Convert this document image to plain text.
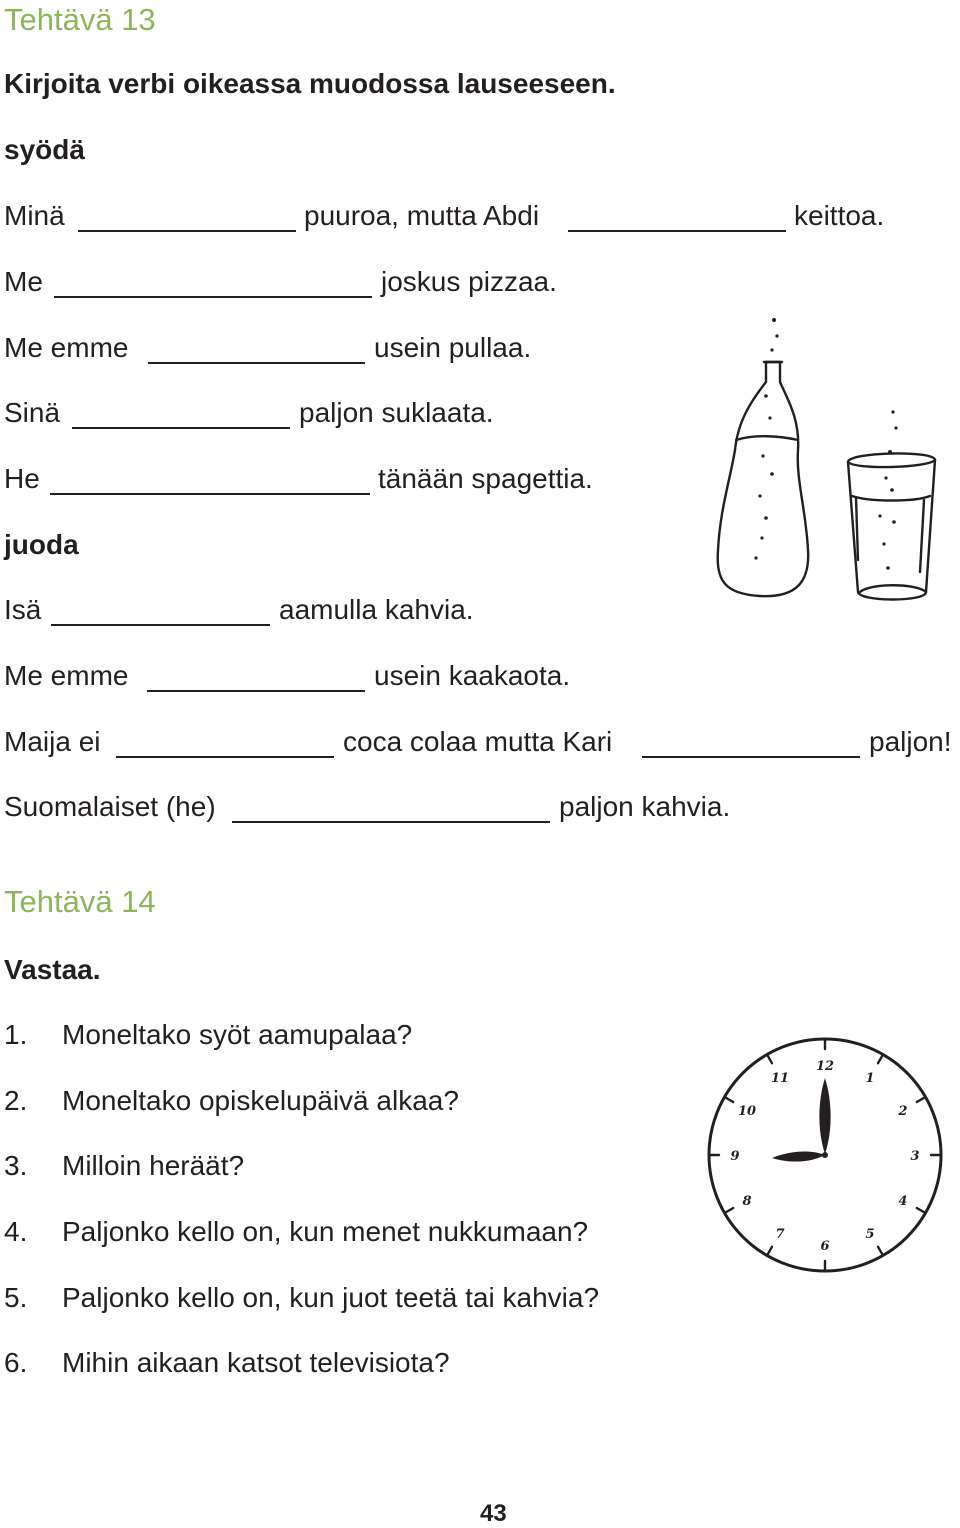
Tehtävä 13
Kirjoita verbi oikeassa muodossa lauseeseen.
syödä
Minä	puuroa, mutta Abdi	keittoa.
Me	joskus pizzaa.
Me emme	usein pullaa.
Sinä	paljon suklaata.
He	tänään spagettia.
juoda
Isä	aamulla kahvia.
Me emme	usein kaakaota.
Maija ei	coca colaa mutta Kari	paljon!
Suomalaiset (he)	paljon kahvia.
Tehtävä 14
Vastaa.
1. Moneltako syöt aamupalaa?
2. Moneltako opiskelupäivä alkaa?
3. Milloin heräät?
4. Paljonko kello on, kun menet nukkumaan?
5. Paljonko kello on, kun juot teetä tai kahvia?
6. Mihin aikaan katsot televisiota?
12
1
2
3
4
5
6
7
8
9
10
11
43
